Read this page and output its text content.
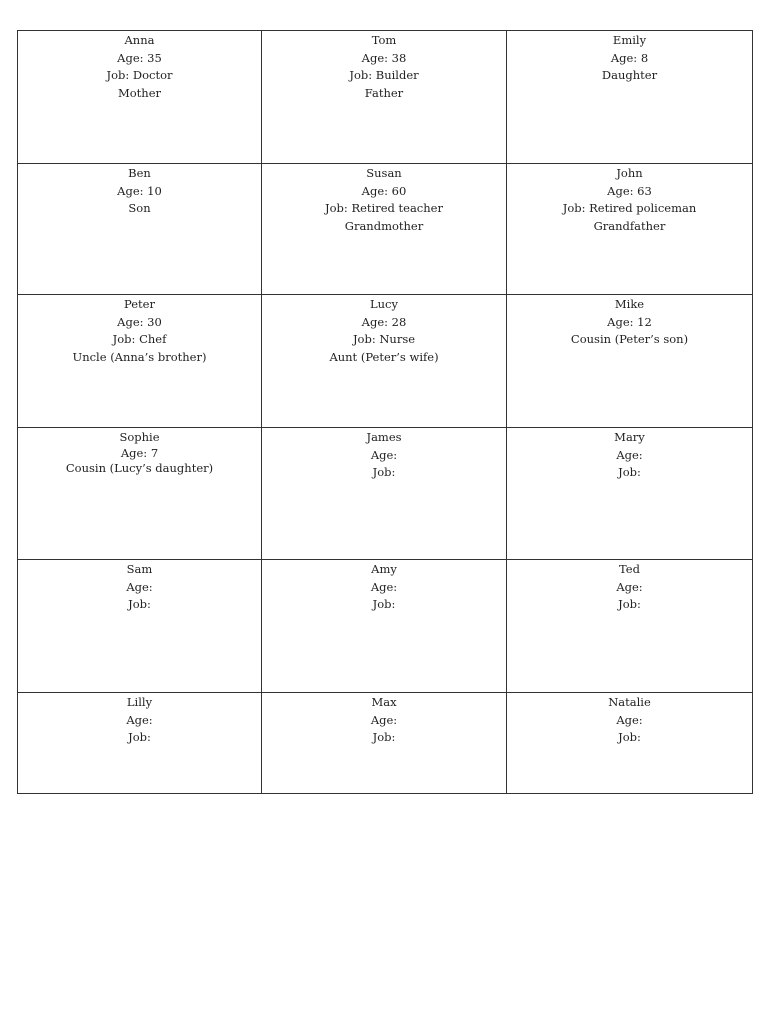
Anna
Age: 35
Job: Doctor
Mother	Tom
Age: 38
Job: Builder
Father	Emily
Age: 8
Daughter

Ben
Age: 10
Son	Susan
Age: 60
Job: Retired teacher
Grandmother	John
Age: 63
Job: Retired policeman
Grandfather

Peter
Age: 30
Job: Chef
Uncle (Anna’s brother)	Lucy
Age: 28
Job: Nurse
Aunt (Peter’s wife)	Mike
Age: 12
Cousin (Peter’s son)

Sophie
Age: 7
Cousin (Lucy’s daughter)	James
Age:
Job:	Mary
Age:
Job:

Sam
Age:
Job:	Amy
Age:
Job:	Ted
Age:
Job:

Lilly
Age:
Job:	Max
Age:
Job:	Natalie
Age:
Job:
